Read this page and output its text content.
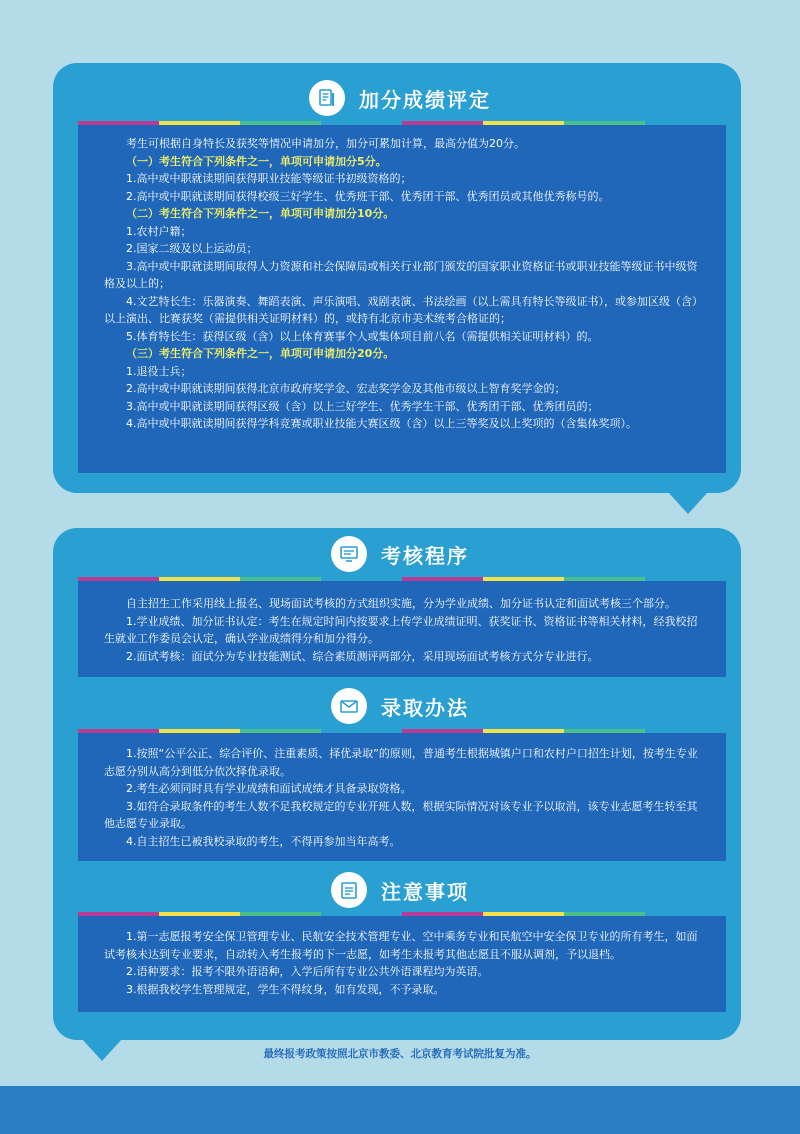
加分成绩评定

考生可根据自身特长及获奖等情况申请加分，加分可累加计算，最高分值为20分。

（一）考生符合下列条件之一，单项可申请加分5分。

1.高中或中职就读期间获得职业技能等级证书初级资格的；

2.高中或中职就读期间获得校级三好学生、优秀班干部、优秀团干部、优秀团员或其他优秀称号的。

（二）考生符合下列条件之一，单项可申请加分10分。

1.农村户籍；

2.国家二级及以上运动员；

3.高中或中职就读期间取得人力资源和社会保障局或相关行业部门颁发的国家职业资格证书或职业技能等级证书中级资格及以上的；

4.文艺特长生：乐器演奏、舞蹈表演、声乐演唱、戏剧表演、书法绘画（以上需具有特长等级证书），或参加区级（含）以上演出、比赛获奖（需提供相关证明材料）的，或持有北京市美术统考合格证的；

5.体育特长生：获得区级（含）以上体育赛事个人或集体项目前八名（需提供相关证明材料）的。

（三）考生符合下列条件之一，单项可申请加分20分。

1.退役士兵；

2.高中或中职就读期间获得北京市政府奖学金、宏志奖学金及其他市级以上智育奖学金的；

3.高中或中职就读期间获得区级（含）以上三好学生、优秀学生干部、优秀团干部、优秀团员的；

4.高中或中职就读期间获得学科竞赛或职业技能大赛区级（含）以上三等奖及以上奖项的（含集体奖项）。

考核程序

自主招生工作采用线上报名、现场面试考核的方式组织实施，分为学业成绩、加分证书认定和面试考核三个部分。

1.学业成绩、加分证书认定：考生在规定时间内按要求上传学业成绩证明、获奖证书、资格证书等相关材料，经我校招生就业工作委员会认定，确认学业成绩得分和加分得分。

2.面试考核：面试分为专业技能测试、综合素质测评两部分，采用现场面试考核方式分专业进行。

录取办法

1.按照“公平公正、综合评价、注重素质、择优录取”的原则，普通考生根据城镇户口和农村户口招生计划，按考生专业志愿分别从高分到低分依次择优录取。

2.考生必须同时具有学业成绩和面试成绩才具备录取资格。

3.如符合录取条件的考生人数不足我校规定的专业开班人数，根据实际情况对该专业予以取消，该专业志愿考生转至其他志愿专业录取。

4.自主招生已被我校录取的考生，不得再参加当年高考。

注意事项

1.第一志愿报考安全保卫管理专业、民航安全技术管理专业、空中乘务专业和民航空中安全保卫专业的所有考生，如面试考核未达到专业要求，自动转入考生报考的下一志愿，如考生未报考其他志愿且不服从调剂，予以退档。

2.语种要求：报考不限外语语种，入学后所有专业公共外语课程均为英语。

3.根据我校学生管理规定，学生不得纹身，如有发现，不予录取。

最终报考政策按照北京市教委、北京教育考试院批复为准。
